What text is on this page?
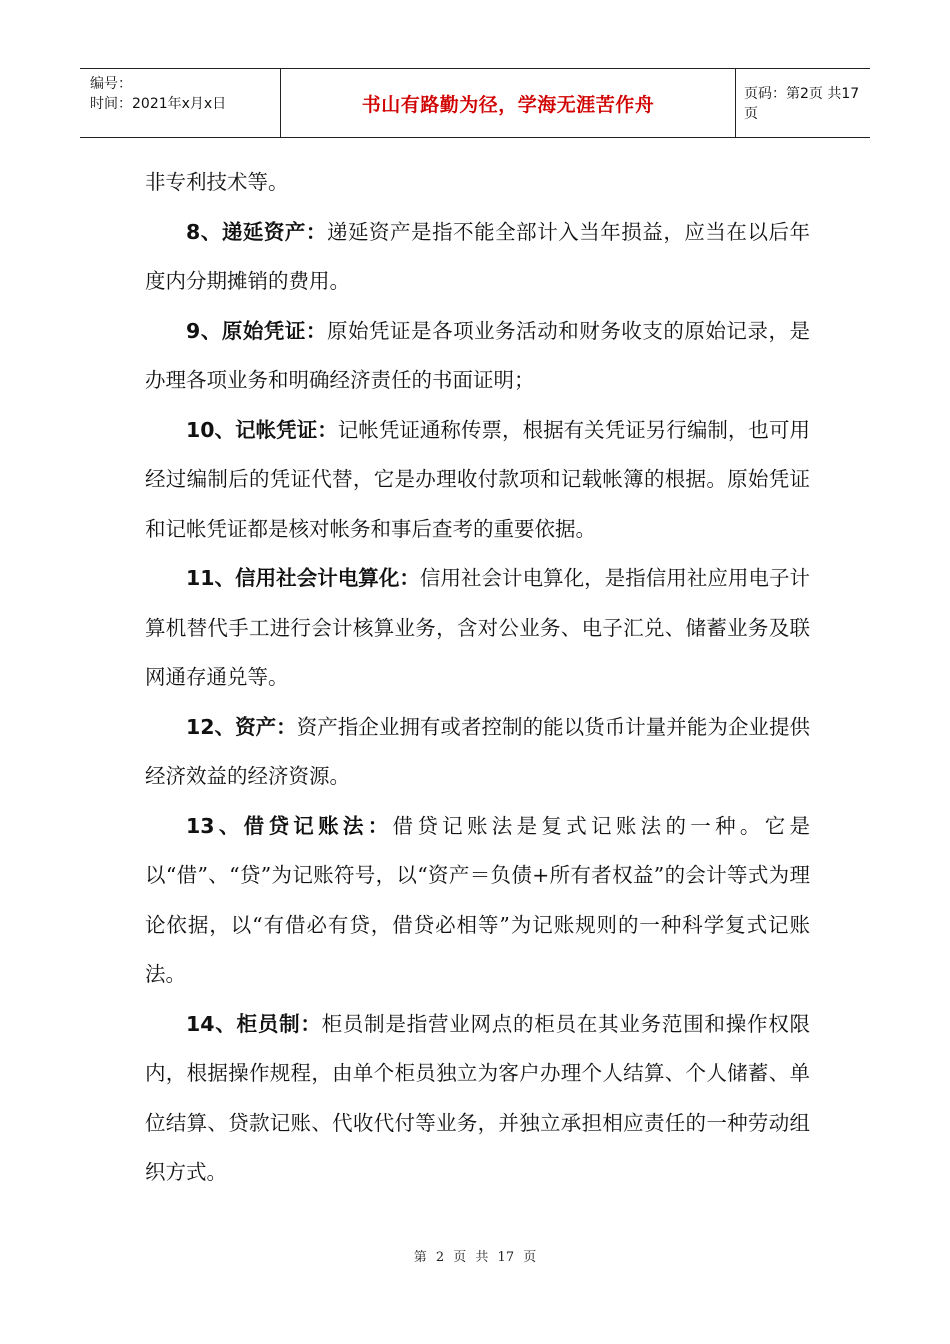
编号：
时间：2021年x月x日	书山有路勤为径，学海无涯苦作舟	页码：第2页 共17页

非专利技术等。

8、递延资产：递延资产是指不能全部计入当年损益，应当在以后年度内分期摊销的费用。

9、原始凭证：原始凭证是各项业务活动和财务收支的原始记录，是办理各项业务和明确经济责任的书面证明；

10、记帐凭证：记帐凭证通称传票，根据有关凭证另行编制，也可用经过编制后的凭证代替，它是办理收付款项和记载帐簿的根据。原始凭证和记帐凭证都是核对帐务和事后查考的重要依据。

11、信用社会计电算化：信用社会计电算化，是指信用社应用电子计算机替代手工进行会计核算业务，含对公业务、电子汇兑、储蓄业务及联网通存通兑等。

12、资产：资产指企业拥有或者控制的能以货币计量并能为企业提供经济效益的经济资源。

13、借贷记账法：借贷记账法是复式记账法的一种。它是以“借”、“贷”为记账符号，以“资产＝负债+所有者权益”的会计等式为理论依据，以“有借必有贷，借贷必相等”为记账规则的一种科学复式记账法。

14、柜员制：柜员制是指营业网点的柜员在其业务范围和操作权限内，根据操作规程，由单个柜员独立为客户办理个人结算、个人储蓄、单位结算、贷款记账、代收代付等业务，并独立承担相应责任的一种劳动组织方式。

第 2 页 共 17 页
